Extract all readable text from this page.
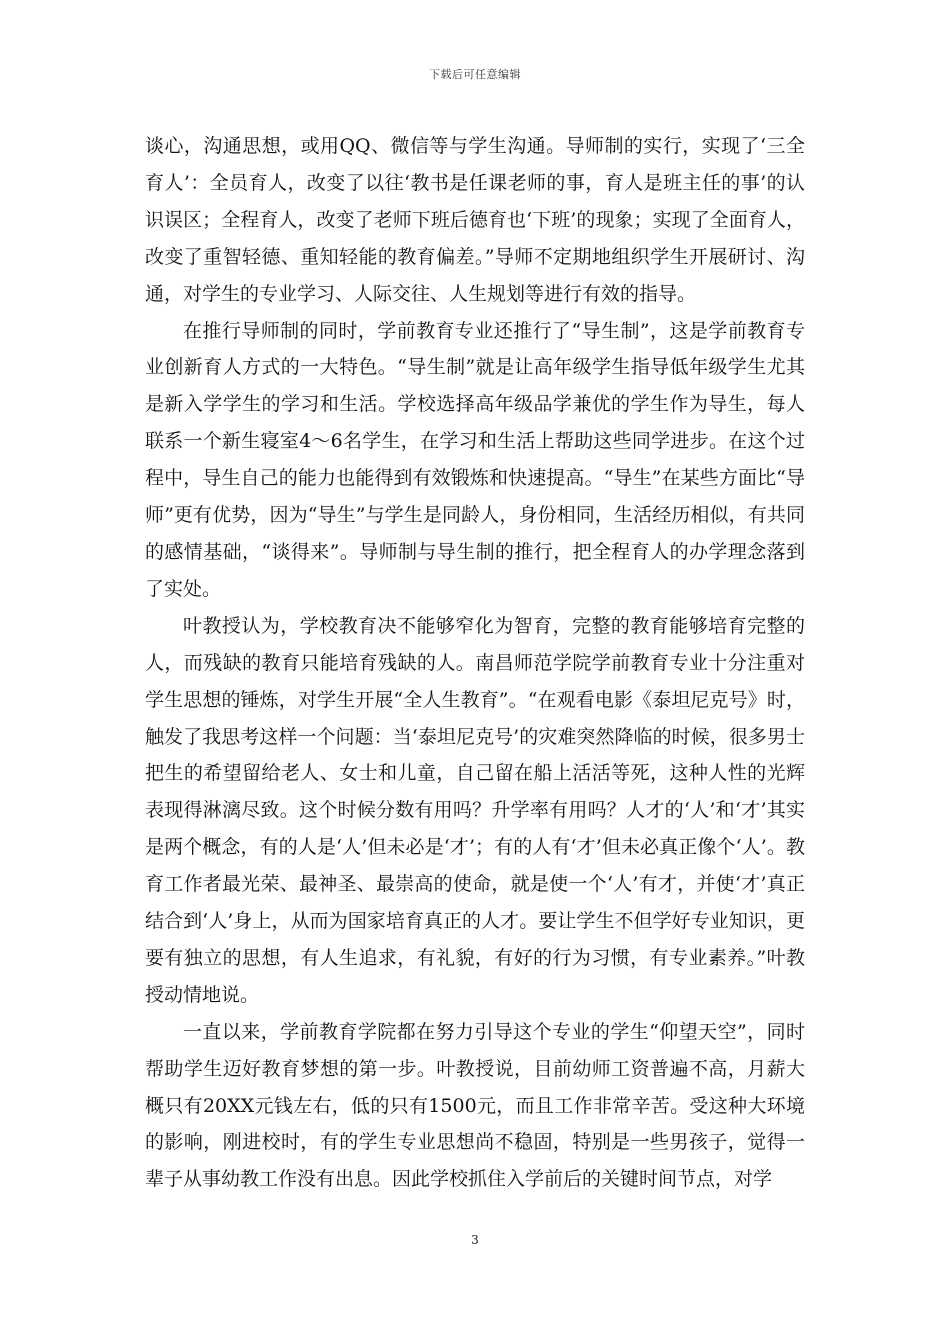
下载后可任意编辑

谈心，沟通思想，或用QQ、微信等与学生沟通。导师制的实行，实现了‘三全育人’：全员育人，改变了以往‘教书是任课老师的事，育人是班主任的事’的认识误区；全程育人，改变了老师下班后德育也‘下班’的现象；实现了全面育人，改变了重智轻德、重知轻能的教育偏差。”导师不定期地组织学生开展研讨、沟通，对学生的专业学习、人际交往、人生规划等进行有效的指导。

在推行导师制的同时，学前教育专业还推行了“导生制”，这是学前教育专业创新育人方式的一大特色。“导生制”就是让高年级学生指导低年级学生尤其是新入学学生的学习和生活。学校选择高年级品学兼优的学生作为导生，每人联系一个新生寝室4～6名学生，在学习和生活上帮助这些同学进步。在这个过程中，导生自己的能力也能得到有效锻炼和快速提高。“导生”在某些方面比“导师”更有优势，因为“导生”与学生是同龄人，身份相同，生活经历相似，有共同的感情基础，“谈得来”。导师制与导生制的推行，把全程育人的办学理念落到了实处。

叶教授认为，学校教育决不能够窄化为智育，完整的教育能够培育完整的人，而残缺的教育只能培育残缺的人。南昌师范学院学前教育专业十分注重对学生思想的锤炼，对学生开展“全人生教育”。“在观看电影《泰坦尼克号》时，触发了我思考这样一个问题：当‘泰坦尼克号’的灾难突然降临的时候，很多男士把生的希望留给老人、女士和儿童，自己留在船上活活等死，这种人性的光辉表现得淋漓尽致。这个时候分数有用吗？升学率有用吗？人才的‘人’和‘才’其实是两个概念，有的人是‘人’但未必是‘才’；有的人有‘才’但未必真正像个‘人’。教育工作者最光荣、最神圣、最崇高的使命，就是使一个‘人’有才，并使‘才’真正结合到‘人’身上，从而为国家培育真正的人才。要让学生不但学好专业知识，更要有独立的思想，有人生追求，有礼貌，有好的行为习惯，有专业素养。”叶教授动情地说。

一直以来，学前教育学院都在努力引导这个专业的学生“仰望天空”，同时帮助学生迈好教育梦想的第一步。叶教授说，目前幼师工资普遍不高，月薪大概只有20XX元钱左右，低的只有1500元，而且工作非常辛苦。受这种大环境的影响，刚进校时，有的学生专业思想尚不稳固，特别是一些男孩子，觉得一辈子从事幼教工作没有出息。因此学校抓住入学前后的关键时间节点，对学

3
